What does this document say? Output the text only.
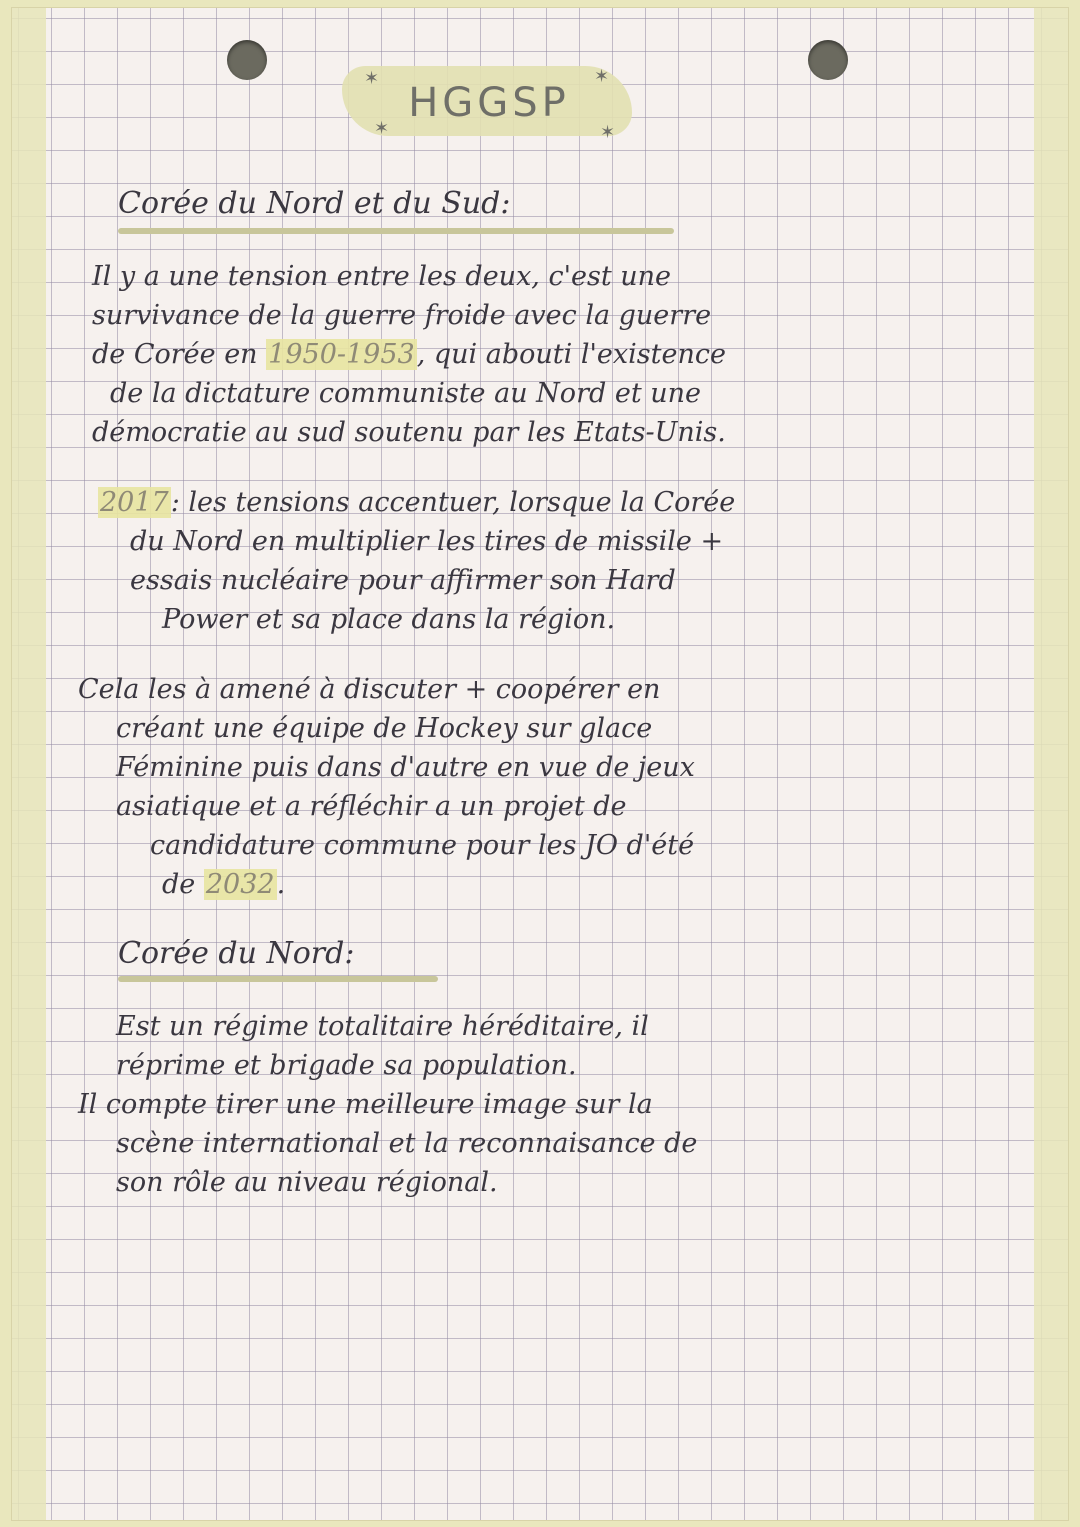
HGGSP
✶
✶
✶
✶
Corée du Nord et du Sud:
Il y a une tension entre les deux, c'est une
survivance de la guerre froide avec la guerre
de Corée en 1950-1953, qui abouti l'existence
de la dictature communiste au Nord et une
démocratie au sud soutenu par les Etats-Unis.
2017: les tensions accentuer, lorsque la Corée
du Nord en multiplier les tires de missile +
essais nucléaire pour affirmer son Hard
Power et sa place dans la région.
Cela les à amené à discuter + coopérer en
créant une équipe de Hockey sur glace
Féminine puis dans d'autre en vue de jeux
asiatique et a réfléchir a un projet de
candidature commune pour les JO d'été
de 2032.
Corée du Nord:
Est un régime totalitaire héréditaire, il
réprime et brigade sa population.
Il compte tirer une meilleure image sur la
scène international et la reconnaisance de
son rôle au niveau régional.
